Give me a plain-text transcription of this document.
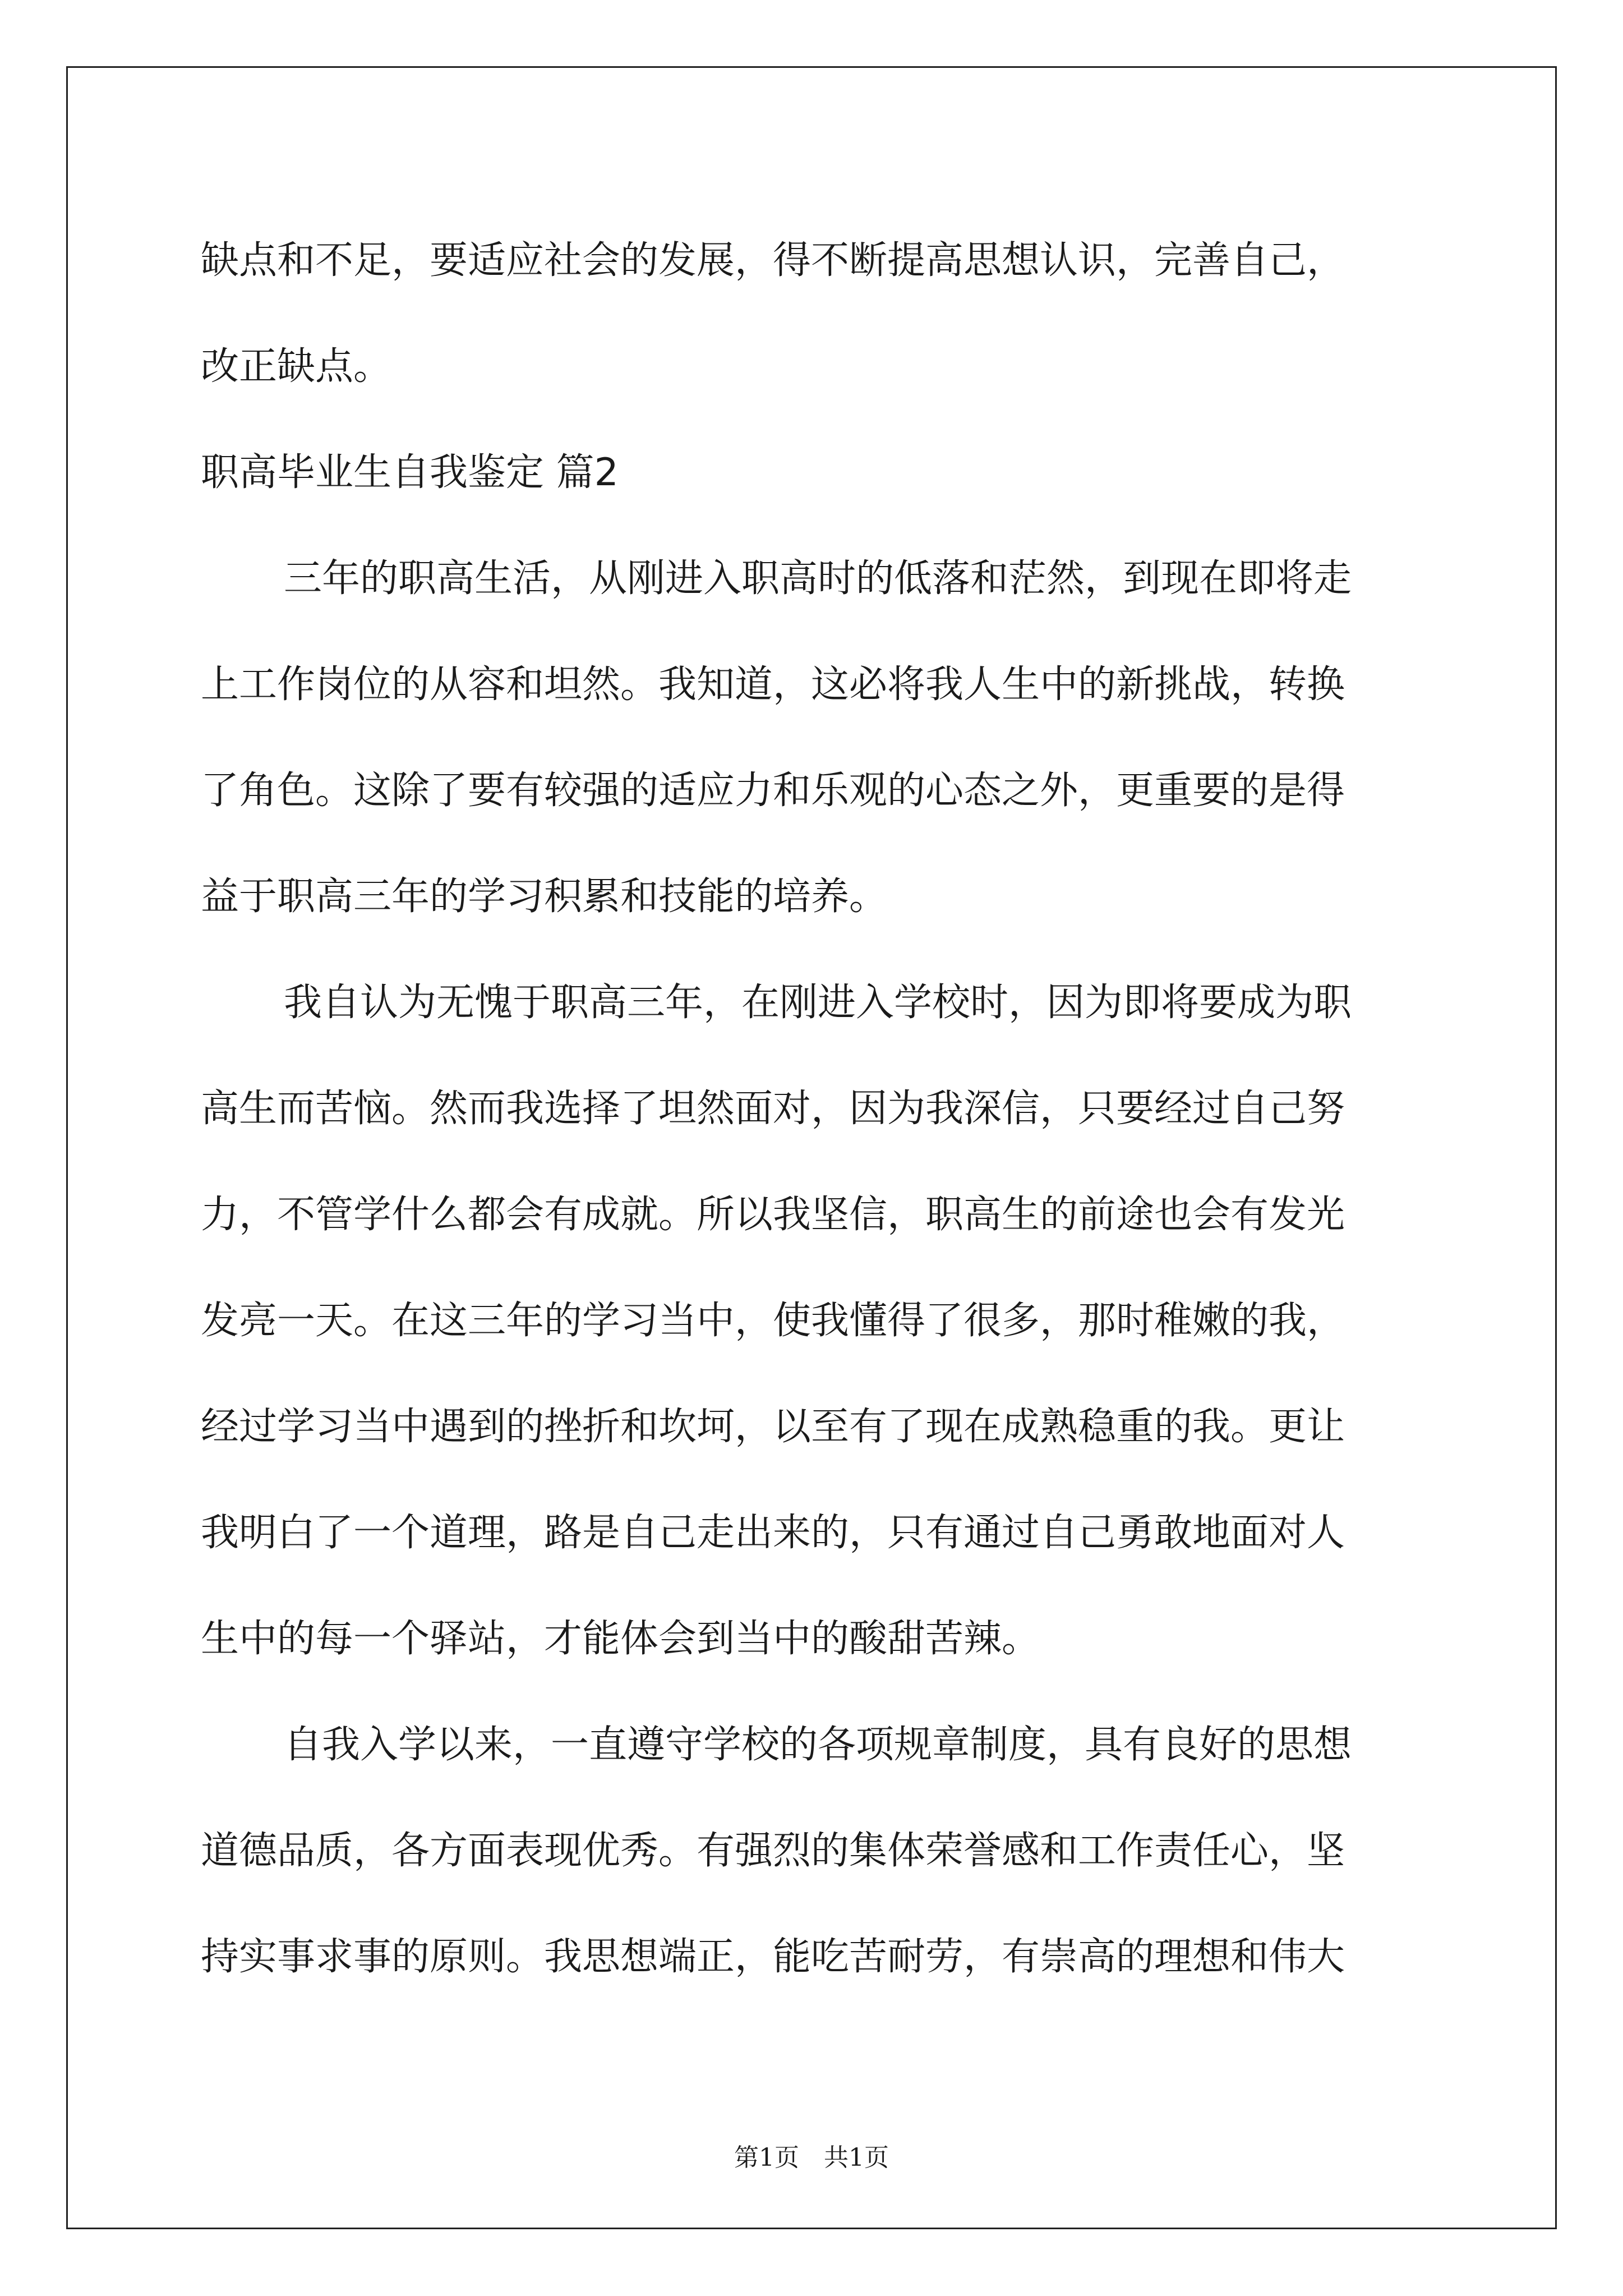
缺点和不足，要适应社会的发展，得不断提高思想认识，完善自己，
改正缺点。
职高毕业生自我鉴定 篇2
三年的职高生活，从刚进入职高时的低落和茫然，到现在即将走
上工作岗位的从容和坦然。我知道，这必将我人生中的新挑战，转换
了角色。这除了要有较强的适应力和乐观的心态之外，更重要的是得
益于职高三年的学习积累和技能的培养。
我自认为无愧于职高三年，在刚进入学校时，因为即将要成为职
高生而苦恼。然而我选择了坦然面对，因为我深信，只要经过自己努
力，不管学什么都会有成就。所以我坚信，职高生的前途也会有发光
发亮一天。在这三年的学习当中，使我懂得了很多，那时稚嫩的我，
经过学习当中遇到的挫折和坎坷，以至有了现在成熟稳重的我。更让
我明白了一个道理，路是自己走出来的，只有通过自己勇敢地面对人
生中的每一个驿站，才能体会到当中的酸甜苦辣。
自我入学以来，一直遵守学校的各项规章制度，具有良好的思想
道德品质，各方面表现优秀。有强烈的集体荣誉感和工作责任心，坚
持实事求事的原则。我思想端正，能吃苦耐劳，有崇高的理想和伟大
第1页　共1页
